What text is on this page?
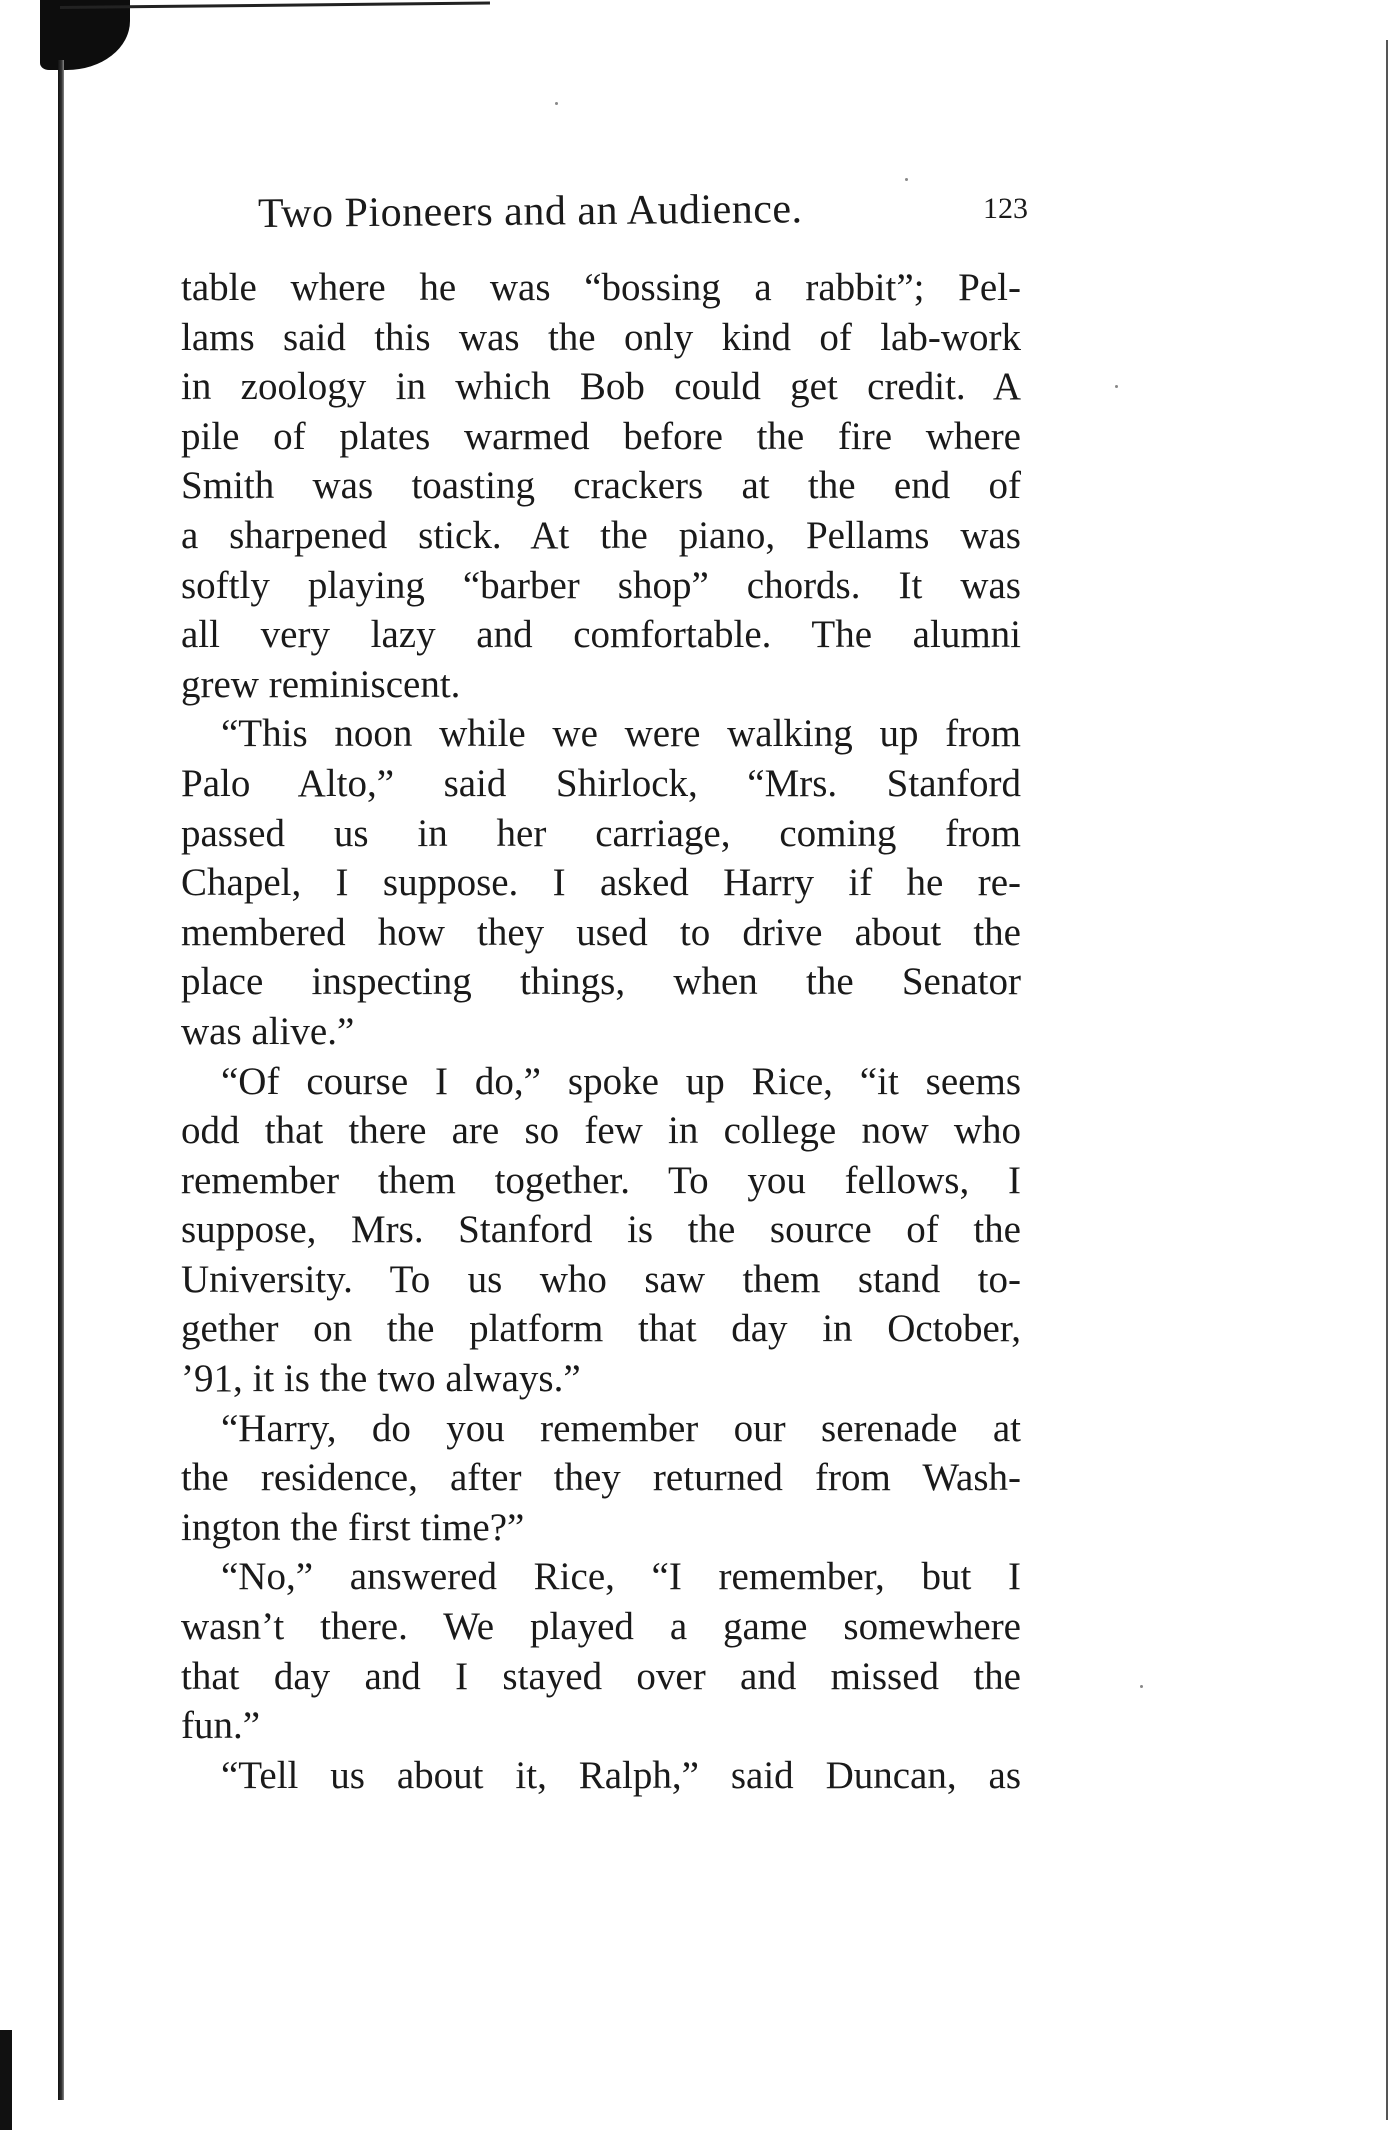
Two Pioneers and an Audience.	123
table where he was “bossing a rabbit”; Pel-
lams said this was the only kind of lab-work
in zoology in which Bob could get credit. A
pile of plates warmed before the fire where
Smith was toasting crackers at the end of
a sharpened stick. At the piano, Pellams was
softly playing “barber shop” chords. It was
all very lazy and comfortable. The alumni
grew reminiscent.
“This noon while we were walking up from
Palo Alto,” said Shirlock, “Mrs. Stanford
passed us in her carriage, coming from
Chapel, I suppose. I asked Harry if he re-
membered how they used to drive about the
place inspecting things, when the Senator
was alive.”
“Of course I do,” spoke up Rice, “it seems
odd that there are so few in college now who
remember them together. To you fellows, I
suppose, Mrs. Stanford is the source of the
University. To us who saw them stand to-
gether on the platform that day in October,
’91, it is the two always.”
“Harry, do you remember our serenade at
the residence, after they returned from Wash-
ington the first time?”
“No,” answered Rice, “I remember, but I
wasn’t there. We played a game somewhere
that day and I stayed over and missed the
fun.”
“Tell us about it, Ralph,” said Duncan, as
